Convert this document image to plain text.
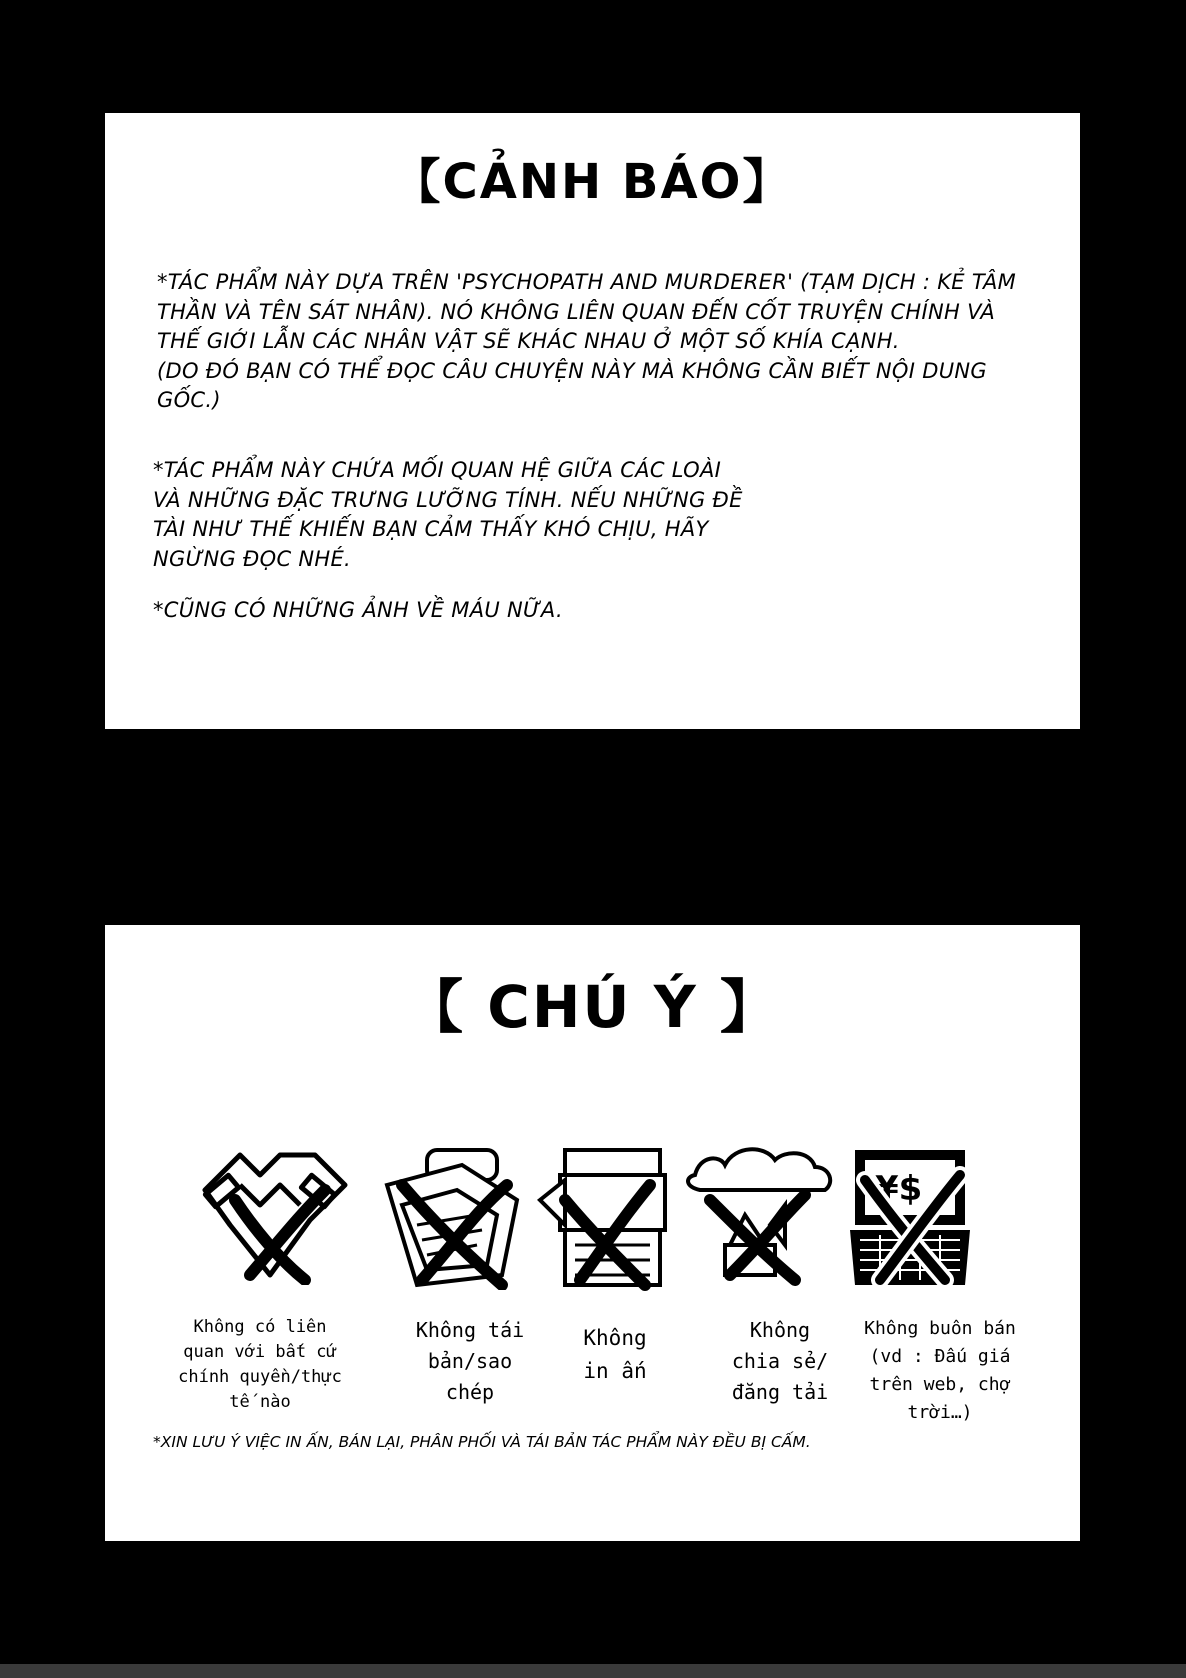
【CẢNH BÁO】
*TÁC PHẨM NÀY DỰA TRÊN 'PSYCHOPATH AND MURDERER' (TẠM DỊCH : KẺ TÂM THẦN VÀ TÊN SÁT NHÂN). NÓ KHÔNG LIÊN QUAN ĐẾN CỐT TRUYỆN CHÍNH VÀ THẾ GIỚI LẪN CÁC NHÂN VẬT SẼ KHÁC NHAU Ở MỘT SỐ KHÍA CẠNH.
(DO ĐÓ BẠN CÓ THỂ ĐỌC CÂU CHUYỆN NÀY MÀ KHÔNG CẦN BIẾT NỘI DUNG GỐC.)
*TÁC PHẨM NÀY CHỨA MỐI QUAN HỆ GIỮA CÁC LOÀI
VÀ NHỮNG ĐẶC TRƯNG LƯỠNG TÍNH. NẾU NHỮNG ĐỀ
TÀI NHƯ THẾ KHIẾN BẠN CẢM THẤY KHÓ CHỊU, HÃY
NGỪNG ĐỌC NHÉ.
*CŨNG CÓ NHỮNG ẢNH VỀ MÁU NỮA.
【 CHÚ Ý 】
¥$
Không có liên
quan với bất cứ
chính quyền/thực
tế nào
Không tái
bản/sao
chép
Không
in ấn
Không
chia sẻ/
đăng tải
Không buôn bán
(vd : Đấu giá
trên web, chợ
trời…)
*XIN LƯU Ý VIỆC IN ẤN, BÁN LẠI, PHÂN PHỐI VÀ TÁI BẢN TÁC PHẨM NÀY ĐỀU BỊ CẤM.
